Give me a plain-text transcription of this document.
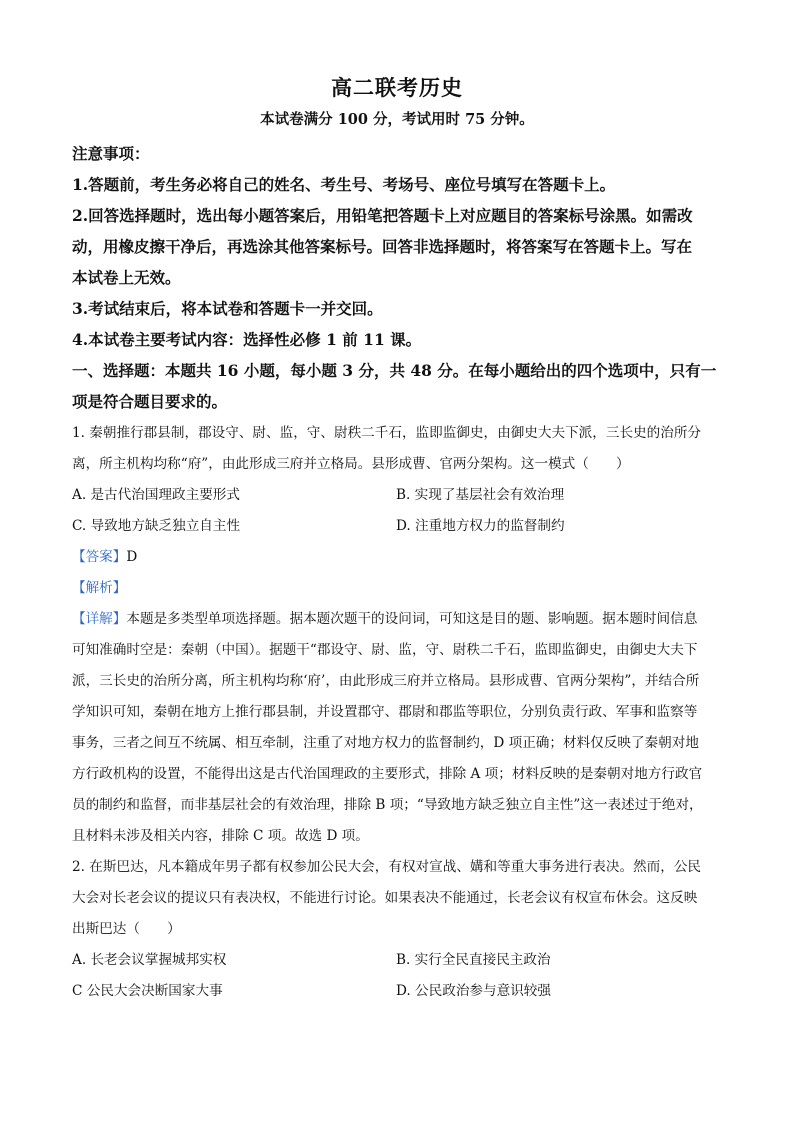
高二联考历史
本试卷满分 100 分，考试用时 75 分钟。
注意事项：
1.答题前，考生务必将自己的姓名、考生号、考场号、座位号填写在答题卡上。
2.回答选择题时，选出每小题答案后，用铅笔把答题卡上对应题目的答案标号涂黑。如需改
动，用橡皮擦干净后，再选涂其他答案标号。回答非选择题时，将答案写在答题卡上。写在
本试卷上无效。
3.考试结束后，将本试卷和答题卡一并交回。
4.本试卷主要考试内容：选择性必修 1 前 11 课。
一、选择题：本题共 16 小题，每小题 3 分，共 48 分。在每小题给出的四个选项中，只有一
项是符合题目要求的。
1. 秦朝推行郡县制，郡设守、尉、监，守、尉秩二千石，监即监御史，由御史大夫下派，三长史的治所分
离，所主机构均称“府”，由此形成三府并立格局。县形成曹、官两分架构。这一模式（　　）
A. 是古代治国理政主要形式	B. 实现了基层社会有效治理
C. 导致地方缺乏独立自主性	D. 注重地方权力的监督制约
【答案】D
【解析】
【详解】本题是多类型单项选择题。据本题次题干的设问词，可知这是目的题、影响题。据本题时间信息
可知准确时空是：秦朝（中国）。据题干“郡设守、尉、监，守、尉秩二千石，监即监御史，由御史大夫下
派，三长史的治所分离，所主机构均称‘府’，由此形成三府并立格局。县形成曹、官两分架构”，并结合所
学知识可知，秦朝在地方上推行郡县制，并设置郡守、郡尉和郡监等职位，分别负责行政、军事和监察等
事务，三者之间互不统属、相互牵制，注重了对地方权力的监督制约，D 项正确；材料仅反映了秦朝对地
方行政机构的设置，不能得出这是古代治国理政的主要形式，排除 A 项；材料反映的是秦朝对地方行政官
员的制约和监督，而非基层社会的有效治理，排除 B 项；“导致地方缺乏独立自主性”这一表述过于绝对，
且材料未涉及相关内容，排除 C 项。故选 D 项。
2. 在斯巴达，凡本籍成年男子都有权参加公民大会，有权对宣战、媾和等重大事务进行表决。然而，公民
大会对长老会议的提议只有表决权，不能进行讨论。如果表决不能通过，长老会议有权宣布休会。这反映
出斯巴达（　　）
A. 长老会议掌握城邦实权	B. 实行全民直接民主政治
C 公民大会决断国家大事	D. 公民政治参与意识较强
